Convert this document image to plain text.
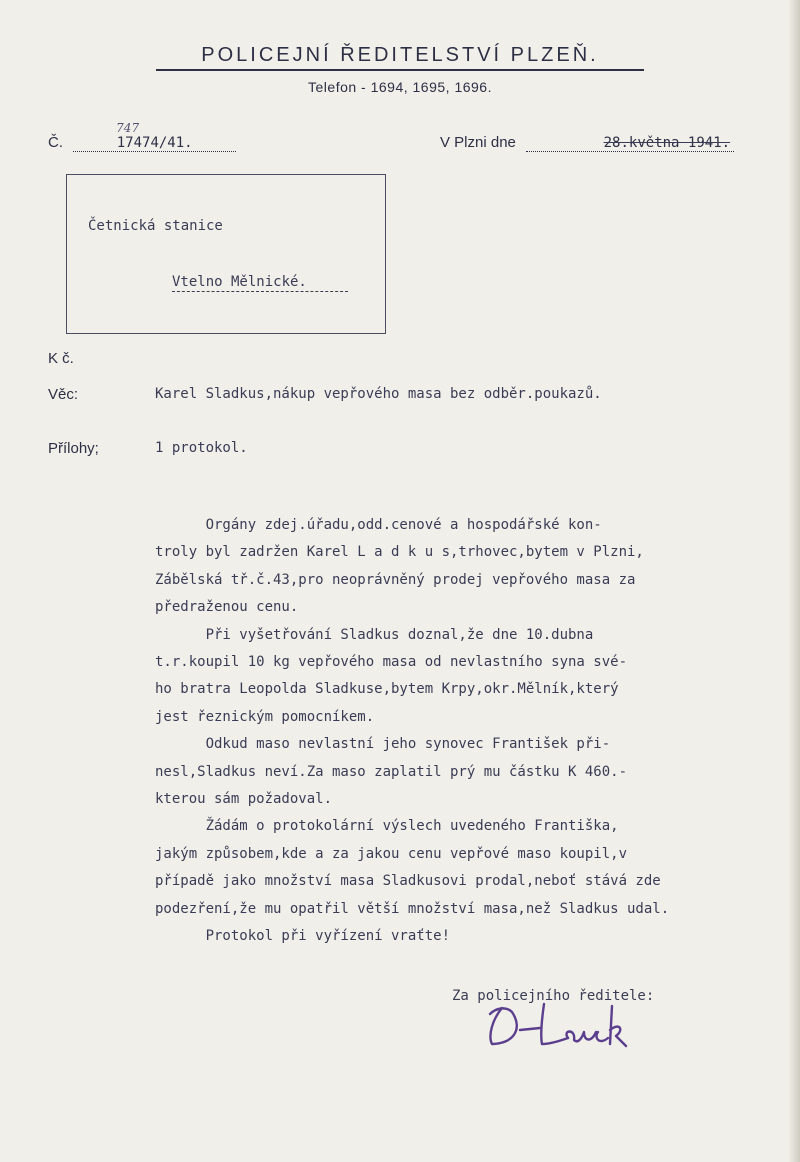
POLICEJNÍ ŘEDITELSTVÍ PLZEŇ.
Telefon - 1694, 1695, 1696.
Č.
747
17474/41.	V Plzni dne	28.května 1941.
Četnická stanice
Vtelno Mělnické.
K č.
Věc:	Karel Sladkus,nákup vepřového masa bez odběr.poukazů.
Přílohy;	1 protokol.

Orgány zdej.úřadu,odd.cenové a hospodářské kon-

troly byl zadržen Karel L a d k u s,trhovec,bytem v Plzni,

Zábělská tř.č.43,pro neoprávněný prodej vepřového masa za

předraženou cenu.

Při vyšetřování Sladkus doznal,že dne 10.dubna

t.r.koupil 10 kg vepřového masa od nevlastního syna své-

ho bratra Leopolda Sladkuse,bytem Krpy,okr.Mělník,který

jest řeznickým pomocníkem.

Odkud maso nevlastní jeho synovec František při-

nesl,Sladkus neví.Za maso zaplatil prý mu částku K 460.-

kterou sám požadoval.

Žádám o protokolární výslech uvedeného Františka,

jakým způsobem,kde a za jakou cenu vepřové maso koupil,v

případě jako množství masa Sladkusovi prodal,neboť stává zde

podezření,že mu opatřil větší množství masa,než Sladkus udal.

Protokol při vyřízení vraťte!

Za policejního ředitele:
